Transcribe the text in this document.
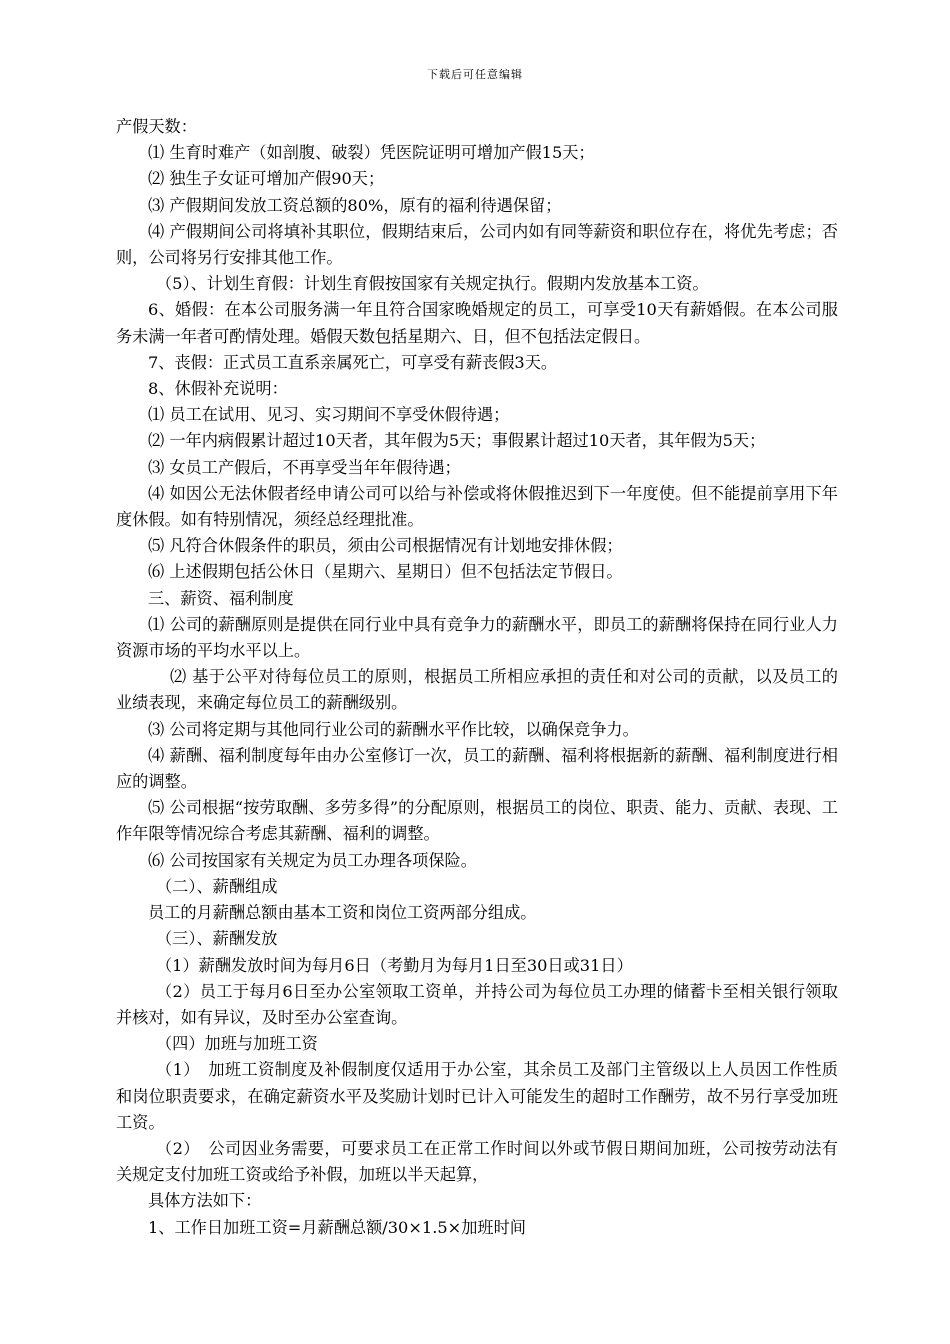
下载后可任意编辑

产假天数：

⑴ 生育时难产（如剖腹、破裂）凭医院证明可增加产假15天；

⑵ 独生子女证可增加产假90天；

⑶ 产假期间发放工资总额的80%，原有的福利待遇保留；

⑷ 产假期间公司将填补其职位，假期结束后，公司内如有同等薪资和职位存在，将优先考虑；否则，公司将另行安排其他工作。

（5）、计划生育假：计划生育假按国家有关规定执行。假期内发放基本工资。

6、婚假：在本公司服务满一年且符合国家晚婚规定的员工，可享受10天有薪婚假。在本公司服务未满一年者可酌情处理。婚假天数包括星期六、日，但不包括法定假日。

7、丧假：正式员工直系亲属死亡，可享受有薪丧假3天。

8、休假补充说明：

⑴ 员工在试用、见习、实习期间不享受休假待遇；

⑵ 一年内病假累计超过10天者，其年假为5天；事假累计超过10天者，其年假为5天；

⑶ 女员工产假后，不再享受当年年假待遇；

⑷ 如因公无法休假者经申请公司可以给与补偿或将休假推迟到下一年度使。但不能提前享用下年度休假。如有特别情况，须经总经理批准。

⑸ 凡符合休假条件的职员，须由公司根据情况有计划地安排休假；

⑹ 上述假期包括公休日（星期六、星期日）但不包括法定节假日。

三、薪资、福利制度

⑴ 公司的薪酬原则是提供在同行业中具有竞争力的薪酬水平，即员工的薪酬将保持在同行业人力资源市场的平均水平以上。

⑵ 基于公平对待每位员工的原则，根据员工所相应承担的责任和对公司的贡献，以及员工的业绩表现，来确定每位员工的薪酬级别。

⑶ 公司将定期与其他同行业公司的薪酬水平作比较，以确保竞争力。

⑷ 薪酬、福利制度每年由办公室修订一次，员工的薪酬、福利将根据新的薪酬、福利制度进行相应的调整。

⑸ 公司根据“按劳取酬、多劳多得”的分配原则，根据员工的岗位、职责、能力、贡献、表现、工作年限等情况综合考虑其薪酬、福利的调整。

⑹ 公司按国家有关规定为员工办理各项保险。

（二）、薪酬组成

员工的月薪酬总额由基本工资和岗位工资两部分组成。

（三）、薪酬发放

（1）薪酬发放时间为每月6日（考勤月为每月1日至30日或31日）

（2）员工于每月6日至办公室领取工资单，并持公司为每位员工办理的储蓄卡至相关银行领取并核对，如有异议，及时至办公室查询。

（四）加班与加班工资

（1）　加班工资制度及补假制度仅适用于办公室，其余员工及部门主管级以上人员因工作性质和岗位职责要求，在确定薪资水平及奖励计划时已计入可能发生的超时工作酬劳，故不另行享受加班工资。

（2）　公司因业务需要，可要求员工在正常工作时间以外或节假日期间加班，公司按劳动法有关规定支付加班工资或给予补假，加班以半天起算，

具体方法如下：

1、工作日加班工资=月薪酬总额/30×1.5×加班时间
